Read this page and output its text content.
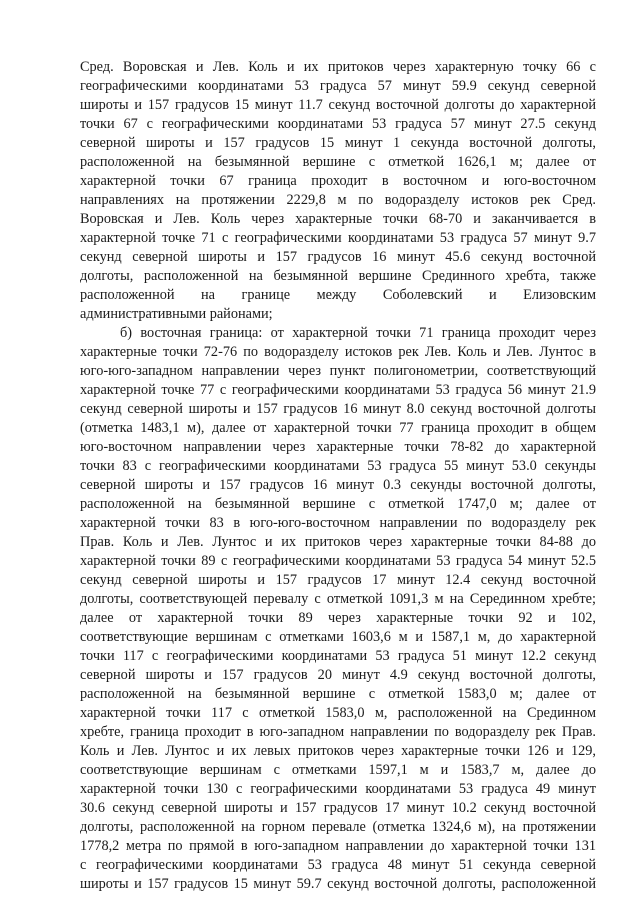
Сред. Воровская и Лев. Коль и их притоков через характерную точку 66 с
географическими координатами 53 градуса 57 минут 59.9 секунд северной
широты и 157 градусов 15 минут 11.7 секунд восточной долготы до характерной
точки 67 с географическими координатами 53 градуса 57 минут 27.5 секунд
северной широты и 157 градусов 15 минут 1 секунда восточной долготы,
расположенной на безымянной вершине с отметкой 1626,1 м; далее от
характерной точки 67 граница проходит в восточном и юго-восточном
направлениях на протяжении 2229,8 м по водоразделу истоков рек Сред.
Воровская и Лев. Коль через характерные точки 68-70 и заканчивается в
характерной точке 71 с географическими координатами 53 градуса 57 минут 9.7
секунд северной широты и 157 градусов 16 минут 45.6 секунд восточной
долготы, расположенной на безымянной вершине Срединного хребта, также
расположенной на границе между Соболевский и Елизовским
административными районами;
б) восточная граница: от характерной точки 71 граница проходит через
характерные точки 72-76 по водоразделу истоков рек Лев. Коль и Лев. Лунтос в
юго-юго-западном направлении через пункт полигонометрии, соответствующий
характерной точке 77 с географическими координатами 53 градуса 56 минут 21.9
секунд северной широты и 157 градусов 16 минут 8.0 секунд восточной долготы
(отметка 1483,1 м), далее от характерной точки 77 граница проходит в общем
юго-восточном направлении через характерные точки 78-82 до характерной
точки 83 с географическими координатами 53 градуса 55 минут 53.0 секунды
северной широты и 157 градусов 16 минут 0.3 секунды восточной долготы,
расположенной на безымянной вершине с отметкой 1747,0 м; далее от
характерной точки 83 в юго-юго-восточном направлении по водоразделу рек
Прав. Коль и Лев. Лунтос и их притоков через характерные точки 84-88 до
характерной точки 89 с географическими координатами 53 градуса 54 минут 52.5
секунд северной широты и 157 градусов 17 минут 12.4 секунд восточной
долготы, соответствующей перевалу с отметкой 1091,3 м на Серединном хребте;
далее от характерной точки 89 через характерные точки 92 и 102,
соответствующие вершинам с отметками 1603,6 м и 1587,1 м, до характерной
точки 117 с географическими координатами 53 градуса 51 минут 12.2 секунд
северной широты и 157 градусов 20 минут 4.9 секунд восточной долготы,
расположенной на безымянной вершине с отметкой 1583,0 м; далее от
характерной точки 117 с отметкой 1583,0 м, расположенной на Срединном
хребте, граница проходит в юго-западном направлении по водоразделу рек Прав.
Коль и Лев. Лунтос и их левых притоков через характерные точки 126 и 129,
соответствующие вершинам с отметками 1597,1 м и 1583,7 м, далее до
характерной точки 130 с географическими координатами 53 градуса 49 минут
30.6 секунд северной широты и 157 градусов 17 минут 10.2 секунд восточной
долготы, расположенной на горном перевале (отметка 1324,6 м), на протяжении
1778,2 метра по прямой в юго-западном направлении до характерной точки 131
с географическими координатами 53 градуса 48 минут 51 секунда северной
широты и 157 градусов 15 минут 59.7 секунд восточной долготы, расположенной
